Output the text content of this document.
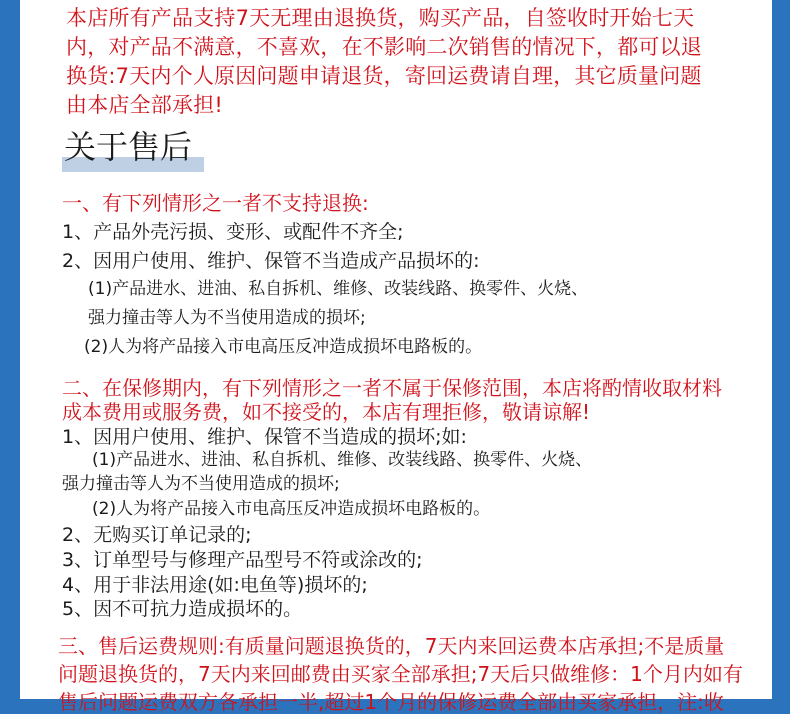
本店所有产品支持7天无理由退换货，购买产品，自签收时开始七天
内，对产品不满意，不喜欢，在不影响二次销售的情况下，都可以退
换货:7天内个人原因问题申请退货，寄回运费请自理，其它质量问题
由本店全部承担!
关于售后
一、有下列情形之一者不支持退换:
1、产品外壳污损、变形、或配件不齐全;
2、因用户使用、维护、保管不当造成产品损坏的:
(1)产品进水、进油、私自拆机、维修、改装线路、换零件、火烧、
强力撞击等人为不当使用造成的损坏;
(2)人为将产品接入市电高压反冲造成损坏电路板的。
二、在保修期内，有下列情形之一者不属于保修范围，本店将酌情收取材料
成本费用或服务费，如不接受的，本店有理拒修，敬请谅解!
1、因用户使用、维护、保管不当造成的损坏;如:
(1)产品进水、进油、私自拆机、维修、改装线路、换零件、火烧、
强力撞击等人为不当使用造成的损坏;
(2)人为将产品接入市电高压反冲造成损坏电路板的。
2、无购买订单记录的;
3、订单型号与修理产品型号不符或涂改的;
4、用于非法用途(如:电鱼等)损坏的;
5、因不可抗力造成损坏的。
三、售后运费规则:有质量问题退换货的，7天内来回运费本店承担;不是质量
问题退换货的，7天内来回邮费由买家全部承担;7天后只做维修：1个月内如有
售后问题运费双方各承担一半,超过1个月的保修运费全部由买家承担，注:收
